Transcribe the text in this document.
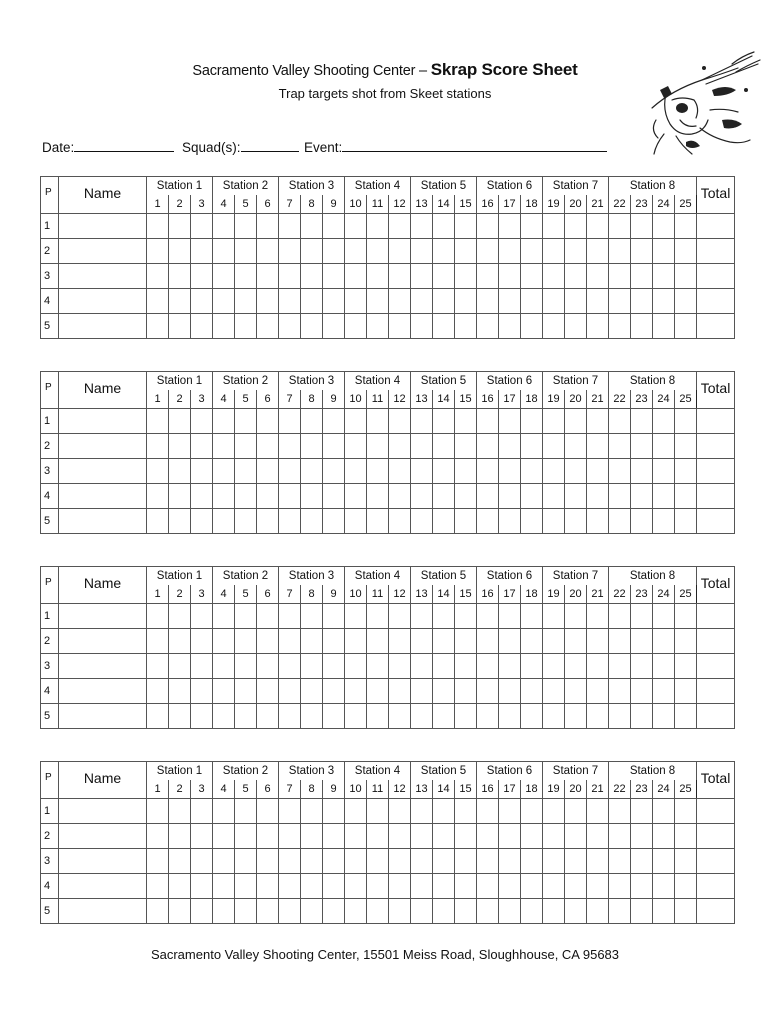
Sacramento Valley Shooting Center – Skrap Score Sheet
Trap targets shot from Skeet stations
Date:	Squad(s):	Event:
P	Name	Station 1			Station 2			Station 3			Station 4			Station 5			Station 6			Station 7			Station 8				Total
		1	2	3	4	5	6	7	8	9	10	11	12	13	14	15	16	17	18	19	20	21	22	23	24	25	
1																											
2																											
3																											
4																											
5																											
P	Name	Station 1			Station 2			Station 3			Station 4			Station 5			Station 6			Station 7			Station 8				Total
		1	2	3	4	5	6	7	8	9	10	11	12	13	14	15	16	17	18	19	20	21	22	23	24	25	
1																											
2																											
3																											
4																											
5																											
P	Name	Station 1			Station 2			Station 3			Station 4			Station 5			Station 6			Station 7			Station 8				Total
		1	2	3	4	5	6	7	8	9	10	11	12	13	14	15	16	17	18	19	20	21	22	23	24	25	
1																											
2																											
3																											
4																											
5																											
P	Name	Station 1			Station 2			Station 3			Station 4			Station 5			Station 6			Station 7			Station 8				Total
		1	2	3	4	5	6	7	8	9	10	11	12	13	14	15	16	17	18	19	20	21	22	23	24	25	
1																											
2																											
3																											
4																											
5																											
Sacramento Valley Shooting Center, 15501 Meiss Road, Sloughhouse, CA 95683
